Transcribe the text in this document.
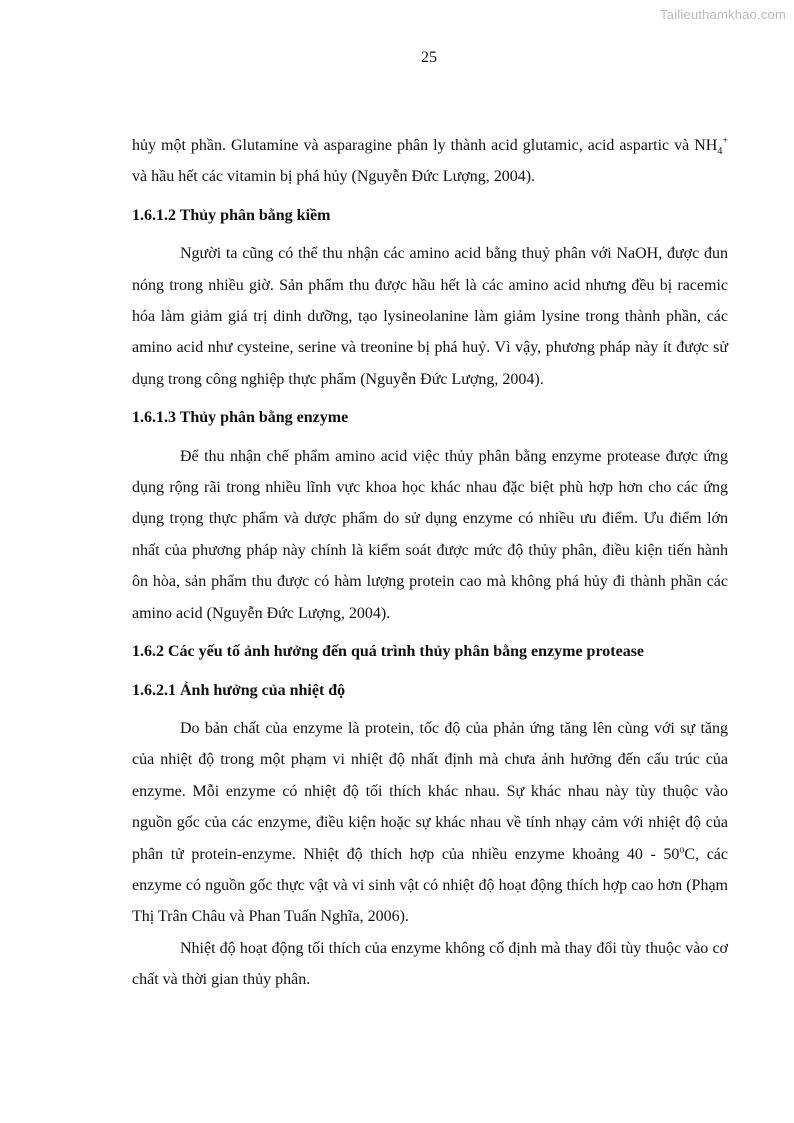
Tailieuthamkhao.com
25

hủy một phần. Glutamine và asparagine phân ly thành acid glutamic, acid aspartic và $NH_4^+$ và hầu hết các vitamin bị phá hủy (Nguyễn Đức Lượng, 2004).

1.6.1.2 Thủy phân bằng kiềm

Người ta cũng có thể thu nhận các amino acid bằng thuỷ phân với NaOH, được đun nóng trong nhiều giờ. Sản phẩm thu được hầu hết là các amino acid nhưng đều bị racemic hóa làm giảm giá trị dinh dưỡng, tạo lysineolanine làm giảm lysine trong thành phần, các amino acid như cysteine, serine và treonine bị phá huỷ. Vì vậy, phương pháp này ít được sử dụng trong công nghiệp thực phẩm (Nguyễn Đức Lượng, 2004).

1.6.1.3 Thủy phân bằng enzyme

Để thu nhận chế phẩm amino acid việc thủy phân bằng enzyme protease được ứng dụng rộng rãi trong nhiều lĩnh vực khoa học khác nhau đặc biệt phù hợp hơn cho các ứng dụng trọng thực phẩm và dược phẩm do sử dụng enzyme có nhiều ưu điểm. Ưu điểm lớn nhất của phương pháp này chính là kiểm soát được mức độ thủy phân, điều kiện tiến hành ôn hòa, sản phẩm thu được có hàm lượng protein cao mà không phá hủy đi thành phần các amino acid (Nguyễn Đức Lượng, 2004).

1.6.2 Các yếu tố ảnh hưởng đến quá trình thủy phân bằng enzyme protease
1.6.2.1 Ảnh hưởng của nhiệt độ

Do bản chất của enzyme là protein, tốc độ của phản ứng tăng lên cùng với sự tăng của nhiệt độ trong một phạm vi nhiệt độ nhất định mà chưa ảnh hưởng đến cấu trúc của enzyme. Mỗi enzyme có nhiệt độ tối thích khác nhau. Sự khác nhau này tùy thuộc vào nguồn gốc của các enzyme, điều kiện hoặc sự khác nhau về tính nhạy cảm với nhiệt độ của phân tử protein-enzyme. Nhiệt độ thích hợp của nhiều enzyme khoảng 40 - 50$^o$C, các enzyme có nguồn gốc thực vật và vi sinh vật có nhiệt độ hoạt động thích hợp cao hơn (Phạm Thị Trân Châu và Phan Tuấn Nghĩa, 2006).

Nhiệt độ hoạt động tối thích của enzyme không cố định mà thay đổi tùy thuộc vào cơ chất và thời gian thủy phân.
